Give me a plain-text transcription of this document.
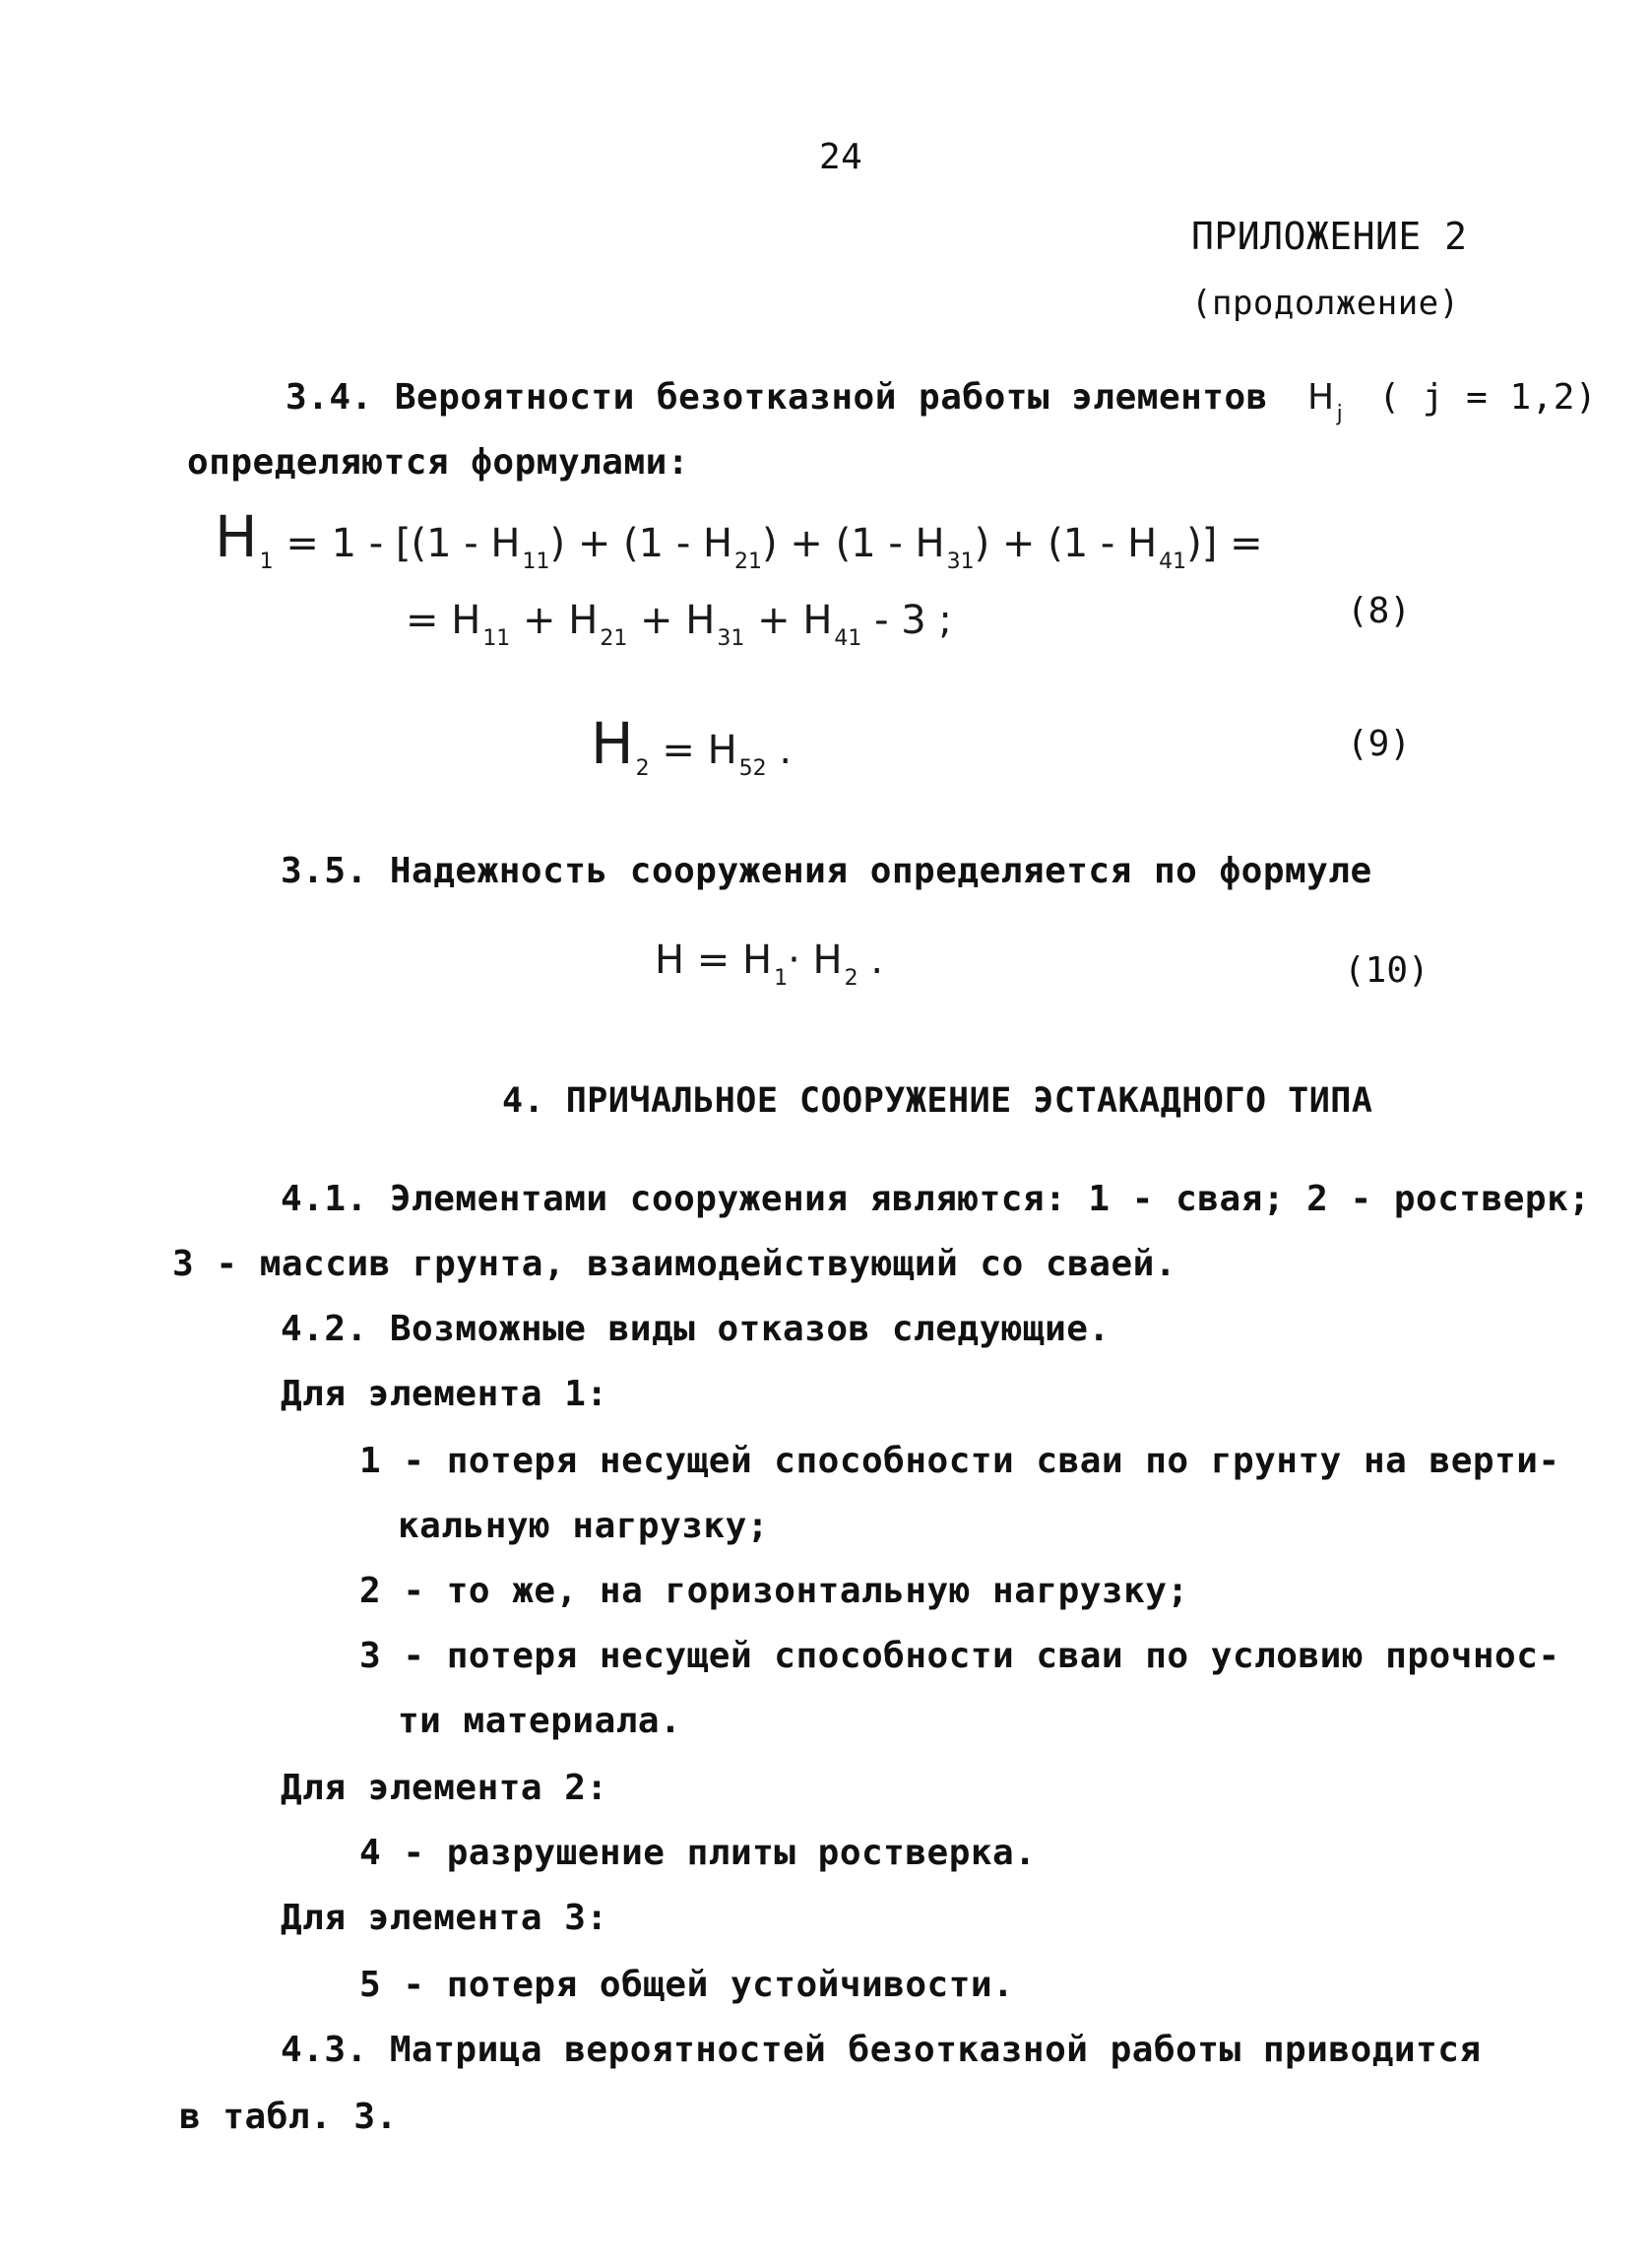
24
ПРИЛОЖЕНИЕ 2
(продолжение)
3.4. Вероятности безотказной работы элементов $H_j$ ( j = 1,2)
определяются формулами:
$H_1 = 1 - [(1 - H_{11}) + (1 - H_{21}) + (1 - H_{31}) + (1 - H_{41})]$ =
= $H_{11} + H_{21} + H_{31} + H_{41} - 3$ ;	(8)
$H_2 = H_{52}$ .	(9)
3.5. Надежность сооружения определяется по формуле
$H = H_1\cdot H_2$ .	(10)
4. ПРИЧАЛЬНОЕ СООРУЖЕНИЕ ЭСТАКАДНОГО ТИПА
4.1. Элементами сооружения являются: 1 - свая; 2 - ростверк;
3 - массив грунта, взаимодействующий со сваей.
4.2. Возможные виды отказов следующие.
Для элемента 1:
1 - потеря несущей способности сваи по грунту на верти-
кальную нагрузку;
2 - то же, на горизонтальную нагрузку;
3 - потеря несущей способности сваи по условию прочнос-
ти материала.
Для элемента 2:
4 - разрушение плиты ростверка.
Для элемента 3:
5 - потеря общей устойчивости.
4.3. Матрица вероятностей безотказной работы приводится
в табл. 3.
